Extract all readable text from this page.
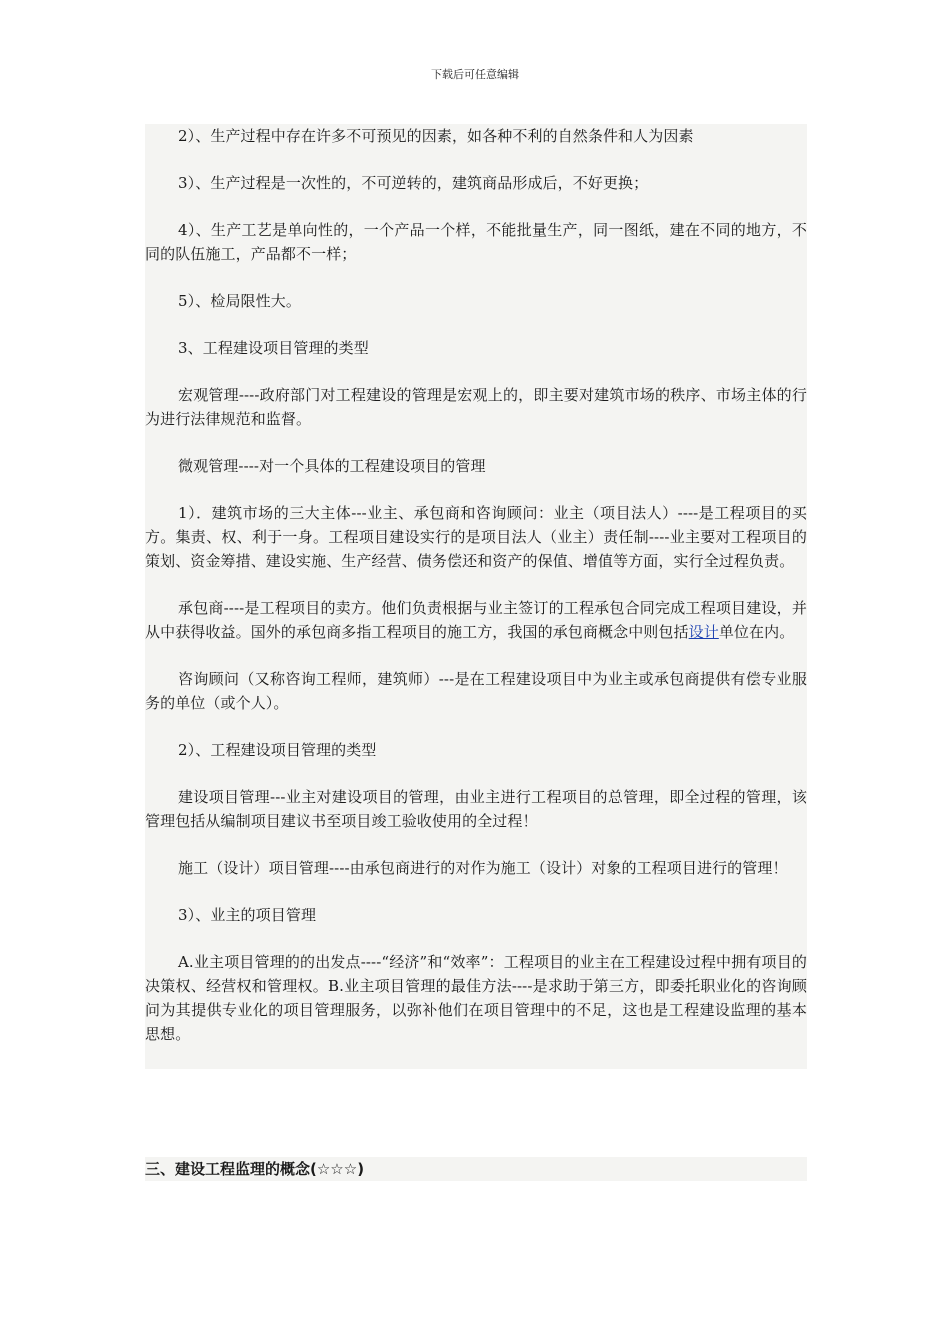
下载后可任意编辑

2）、生产过程中存在许多不可预见的因素，如各种不利的自然条件和人为因素

3）、生产过程是一次性的，不可逆转的，建筑商品形成后，不好更换；

4）、生产工艺是单向性的，一个产品一个样，不能批量生产，同一图纸，建在不同的地方，不同的队伍施工，产品都不一样；

5）、检局限性大。

3、工程建设项目管理的类型

宏观管理----政府部门对工程建设的管理是宏观上的，即主要对建筑市场的秩序、市场主体的行为进行法律规范和监督。

微观管理----对一个具体的工程建设项目的管理

1）．建筑市场的三大主体---业主、承包商和咨询顾问：业主（项目法人）----是工程项目的买方。集责、权、利于一身。工程项目建设实行的是项目法人（业主）责任制----业主要对工程项目的策划、资金筹措、建设实施、生产经营、债务偿还和资产的保值、增值等方面，实行全过程负责。

承包商----是工程项目的卖方。他们负责根据与业主签订的工程承包合同完成工程项目建设，并从中获得收益。国外的承包商多指工程项目的施工方，我国的承包商概念中则包括设计单位在内。

咨询顾问（又称咨询工程师，建筑师）---是在工程建设项目中为业主或承包商提供有偿专业服务的单位（或个人）。

2）、工程建设项目管理的类型

建设项目管理---业主对建设项目的管理，由业主进行工程项目的总管理，即全过程的管理，该管理包括从编制项目建议书至项目竣工验收使用的全过程！

施工（设计）项目管理----由承包商进行的对作为施工（设计）对象的工程项目进行的管理！

3）、业主的项目管理

A.业主项目管理的的出发点----“经济”和“效率”：工程项目的业主在工程建设过程中拥有项目的决策权、经营权和管理权。B.业主项目管理的最佳方法----是求助于第三方，即委托职业化的咨询顾问为其提供专业化的项目管理服务，以弥补他们在项目管理中的不足，这也是工程建设监理的基本思想。

三、建设工程监理的概念(☆☆☆)
